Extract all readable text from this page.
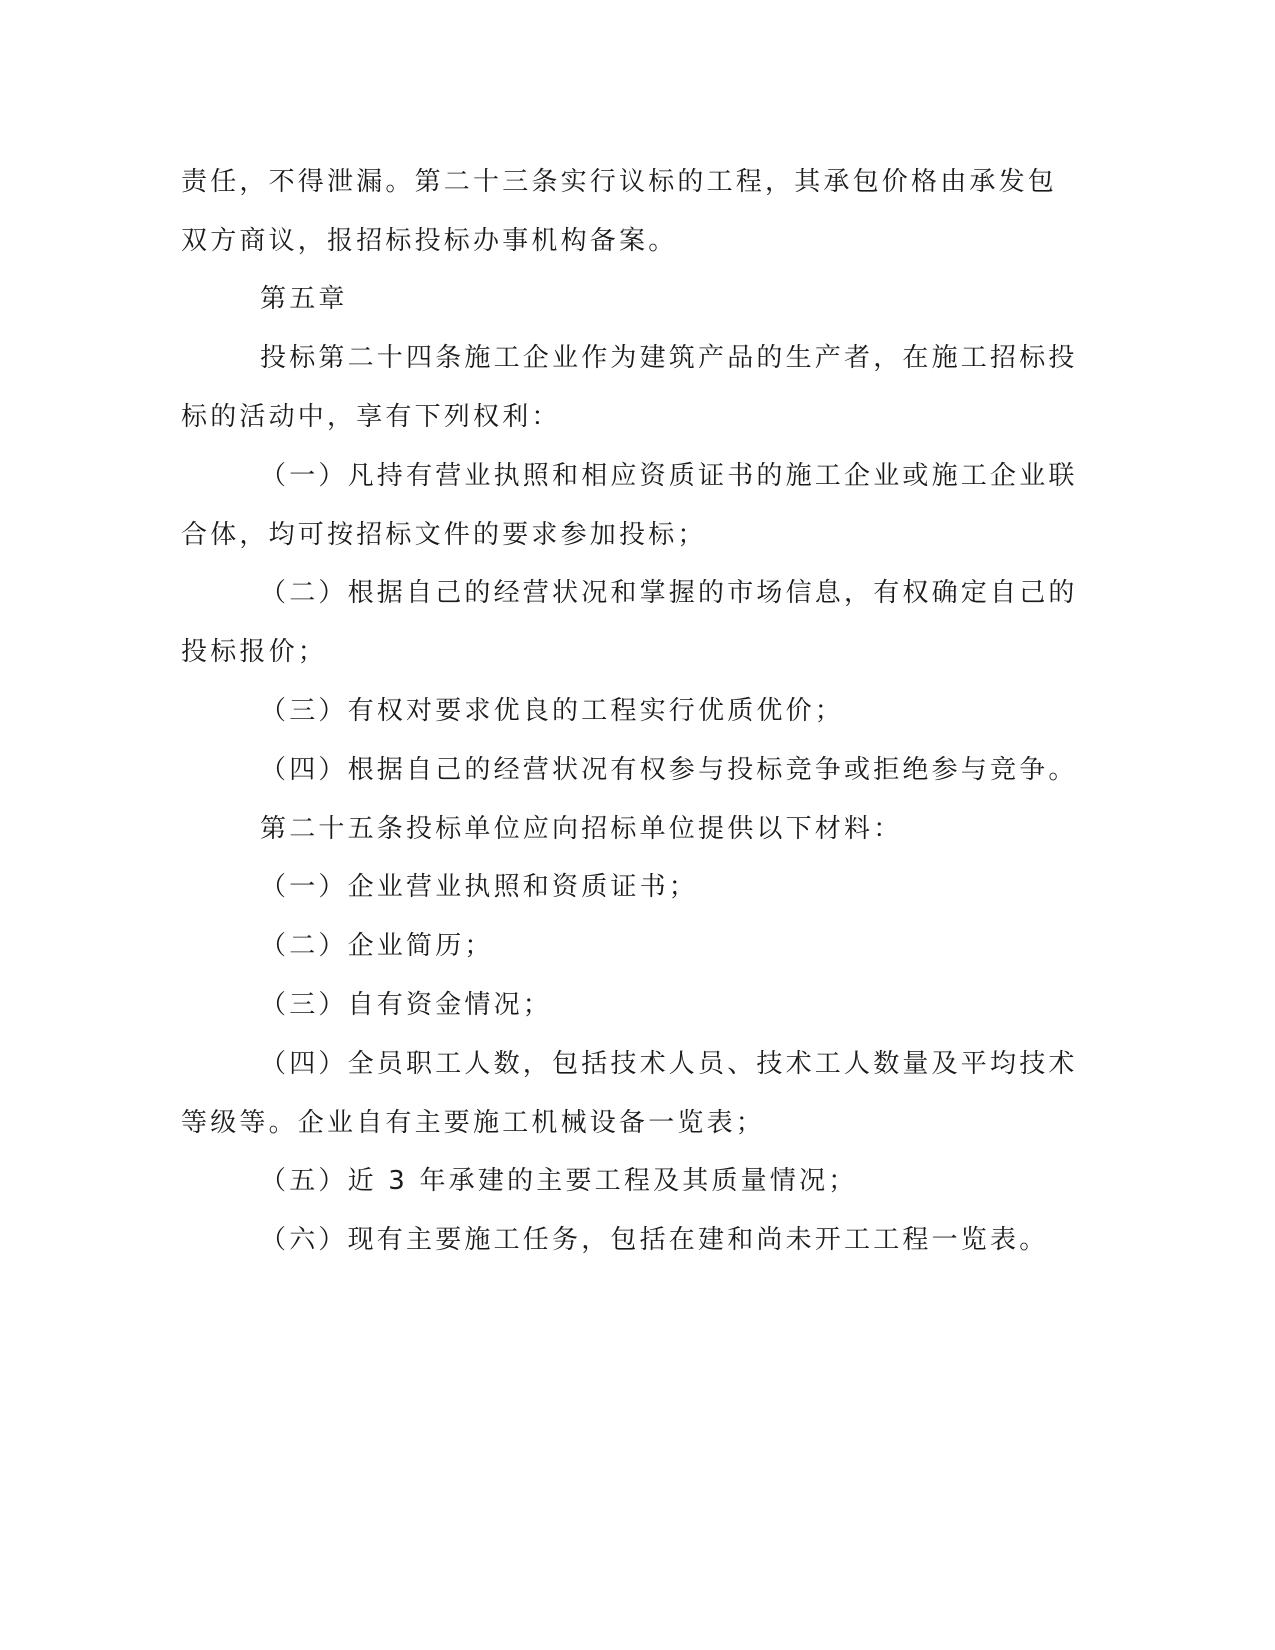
责任，不得泄漏。第二十三条实行议标的工程，其承包价格由承发包
双方商议，报招标投标办事机构备案。
第五章
投标第二十四条施工企业作为建筑产品的生产者，在施工招标投
标的活动中，享有下列权利：
（一）凡持有营业执照和相应资质证书的施工企业或施工企业联
合体，均可按招标文件的要求参加投标；
（二）根据自己的经营状况和掌握的市场信息，有权确定自己的
投标报价；
（三）有权对要求优良的工程实行优质优价；
（四）根据自己的经营状况有权参与投标竞争或拒绝参与竞争。
第二十五条投标单位应向招标单位提供以下材料：
（一）企业营业执照和资质证书；
（二）企业简历；
（三）自有资金情况；
（四）全员职工人数，包括技术人员、技术工人数量及平均技术
等级等。企业自有主要施工机械设备一览表；
（五）近 3 年承建的主要工程及其质量情况；
（六）现有主要施工任务，包括在建和尚未开工工程一览表。
